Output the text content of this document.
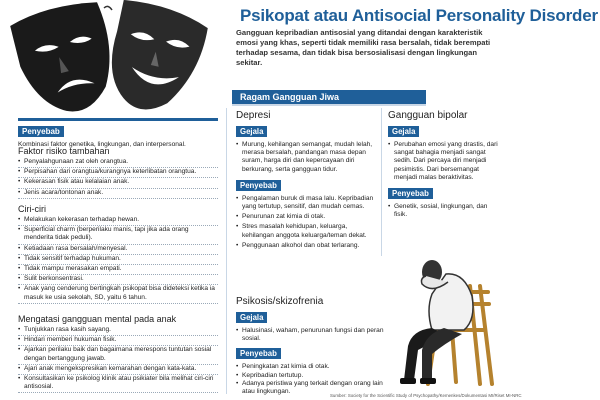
Psikopat atau Antisocial Personality Disorder
Gangguan kepribadian antisosial yang ditandai dengan karakteristik emosi yang khas, seperti tidak memiliki rasa bersalah, tidak berempati terhadap sesama, dan tidak bisa bersosialisasi dengan lingkungan sekitar.
Ragam Gangguan Jiwa
Penyebab
Kombinasi faktor genetika, lingkungan, dan interpersonal.
Faktor risiko tambahan
• Penyalahgunaan zat oleh orangtua.
• Perpisahan dari orangtua/kurangnya keterlibatan orangtua.
• Kekerasan fisik atau kelalaian anak.
• Jenis acara/tontonan anak.
Ciri-ciri
• Melakukan kekerasan terhadap hewan.
• Superficial charm (berperilaku manis, tapi jika ada orang menderita tidak peduli).
• Ketiadaan rasa bersalah/menyesal.
• Tidak sensitif terhadap hukuman.
• Tidak mampu merasakan empati.
• Sulit berkonsentrasi.
• Anak yang cenderung bertingkah psikopat bisa dideteksi ketika ia masuk ke usia sekolah, SD, yaitu 6 tahun.
Mengatasi gangguan mental pada anak
• Tunjukkan rasa kasih sayang.
• Hindari memberi hukuman fisik.
• Ajarkan perilaku baik dan bagaimana merespons tuntutan sosial dengan bertanggung jawab.
• Ajari anak mengekspresikan kemarahan dengan kata-kata.
• Konsultasikan ke psikolog klinik atau psikiater bila melihat ciri-ciri antisosial.
Depresi
Gejala
• Murung, kehilangan semangat, mudah lelah, merasa bersalah, pandangan masa depan suram, harga diri dan kepercayaan diri berkurang, serta gangguan tidur.
Penyebab
• Pengalaman buruk di masa lalu. Kepribadian yang tertutup, sensitif, dan mudah cemas.
• Penurunan zat kimia di otak.
• Stres masalah kehidupan, keluarga, kehilangan anggota keluarga/teman dekat.
• Penggunaan alkohol dan obat terlarang.
Gangguan bipolar
Gejala
• Perubahan emosi yang drastis, dari sangat bahagia menjadi sangat sedih. Dari percaya diri menjadi pesimistis. Dari bersemangat menjadi malas beraktivitas.
Penyebab
• Genetik, sosial, lingkungan, dan fisik.
Psikosis/skizofrenia
Gejala
• Halusinasi, waham, penurunan fungsi dan peran sosial.
Penyebab
• Peningkatan zat kimia di otak.
• Kepribadian tertutup.
• Adanya peristiwa yang terkait dengan orang lain atau lingkungan.
Sumber: Society for the Scientific Study of Psychopathy/Kemenkes/Dokumentasi MI/Riset MI-NRC
